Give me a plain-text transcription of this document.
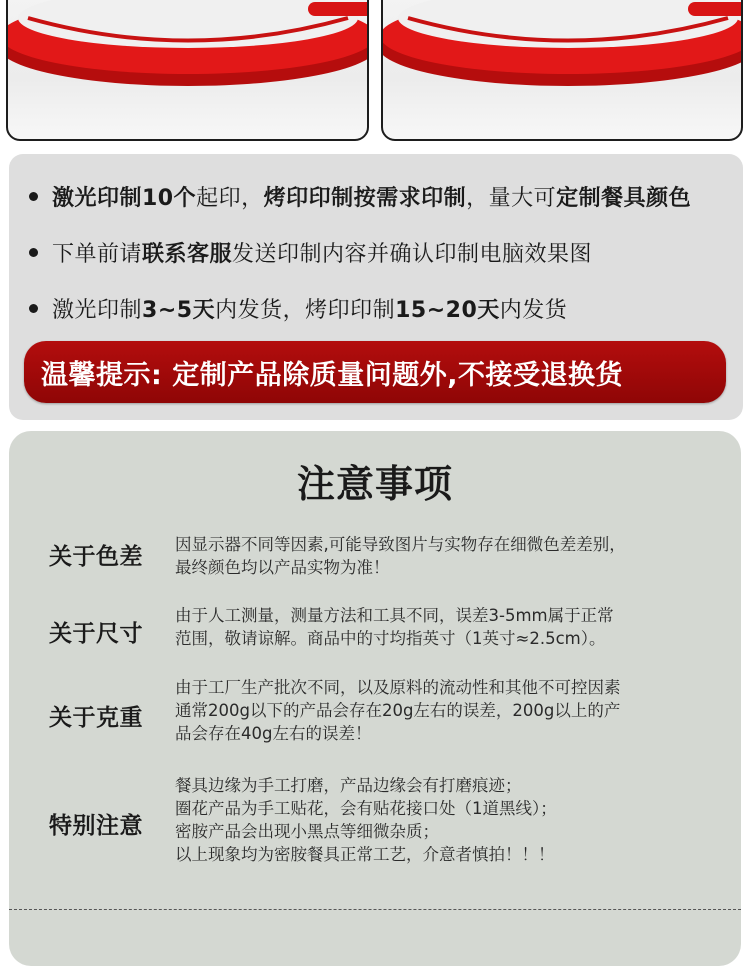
激光印制10个 起印， 烤印印制按需求印制 ，量大可 定制餐具颜色
下单前请 联系客服 发送印制内容并确认印制电脑效果图
激光印制 3~5天 内发货，烤印印制 15~20天 内发货
温馨提示: 定制产品除质量问题外,不接受退换货
注意事项
关于色差 因显示器不同等因素,可能导致图片与实物存在细微色差差别，
最终颜色均以产品实物为准！
关于尺寸
由于人工测量，测量方法和工具不同，误差3-5mm属于正常
范围，敬请谅解。商品中的寸均指英寸（1英寸≈2.5cm）。
关于克重
由于工厂生产批次不同，以及原料的流动性和其他不可控因素
通常200g以下的产品会存在20g左右的误差，200g以上的产
品会存在40g左右的误差！
特别注意
餐具边缘为手工打磨，产品边缘会有打磨痕迹；
圈花产品为手工贴花，会有贴花接口处（1道黑线）；
密胺产品会出现小黑点等细微杂质；
以上现象均为密胺餐具正常工艺，介意者慎拍！！！
